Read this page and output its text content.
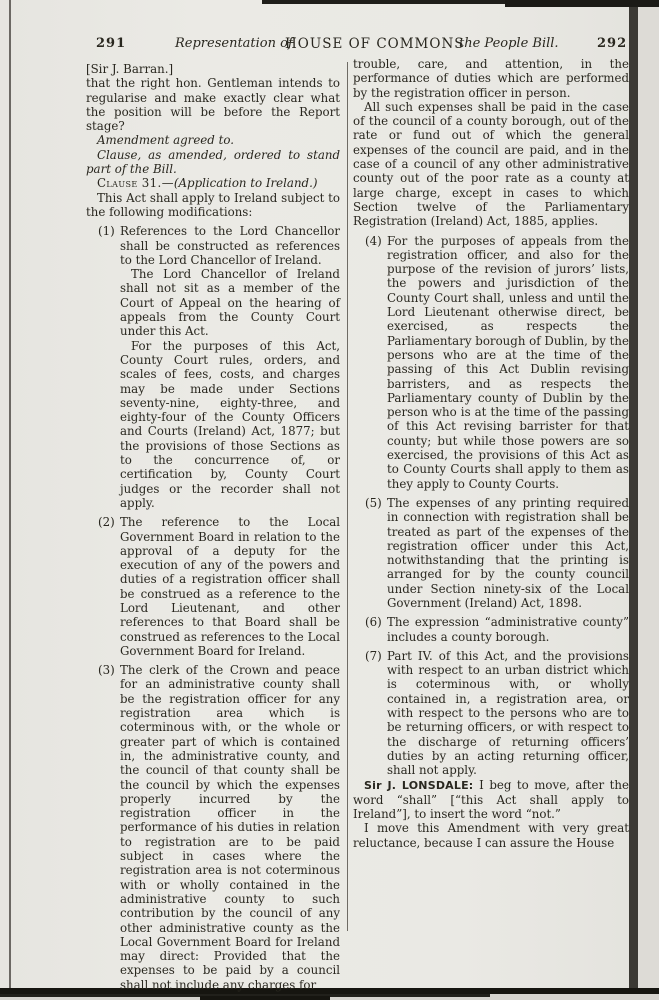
291	Representation of
HOUSE OF COMMONS
the People Bill.	292

[Sir J. Barran.]

that the right hon. Gentleman intends to regularise and make exactly clear what the position will be before the Report stage?

Amendment agreed to.

Clause, as amended, ordered to stand part of the Bill.

Clause 31.—(Application to Ireland.)

This Act shall apply to Ireland subject to the following modifications:

(1) References to the Lord Chancellor shall be constructed as references to the Lord Chancellor of Ireland.

The Lord Chancellor of Ireland shall not sit as a member of the Court of Appeal on the hearing of appeals from the County Court under this Act.

For the purposes of this Act, County Court rules, orders, and scales of fees, costs, and charges may be made under Sections seventy-nine, eighty-three, and eighty-four of the County Officers and Courts (Ireland) Act, 1877; but the provisions of those Sections as to the concurrence of, or certification by, County Court judges or the recorder shall not apply.

(2) The reference to the Local Government Board in relation to the approval of a deputy for the execution of any of the powers and duties of a registration officer shall be construed as a reference to the Lord Lieutenant, and other references to that Board shall be construed as references to the Local Government Board for Ireland.

(3) The clerk of the Crown and peace for an administrative county shall be the registration officer for any registration area which is coterminous with, or the whole or greater part of which is contained in, the administrative county, and the council of that county shall be the council by which the expenses properly incurred by the registration officer in the performance of his duties in relation to registration are to be paid subject in cases where the registration area is not coterminous with or wholly contained in the administrative county to such contribution by the council of any other administrative county as the Local Government Board for Ireland may direct: Provided that the expenses to be paid by a council shall not include any charges for

trouble, care, and attention, in the performance of duties which are performed by the registration officer in person.

All such expenses shall be paid in the case of the council of a county borough, out of the rate or fund out of which the general expenses of the council are paid, and in the case of a council of any other administrative county out of the poor rate as a county at large charge, except in cases to which Section twelve of the Parliamentary Registration (Ireland) Act, 1885, applies.

(4) For the purposes of appeals from the registration officer, and also for the purpose of the revision of jurors’ lists, the powers and jurisdiction of the County Court shall, unless and until the Lord Lieutenant otherwise direct, be exercised, as respects the Parliamentary borough of Dublin, by the persons who are at the time of the passing of this Act Dublin revising barristers, and as respects the Parliamentary county of Dublin by the person who is at the time of the passing of this Act revising barrister for that county; but while those powers are so exercised, the provisions of this Act as to County Courts shall apply to them as they apply to County Courts.

(5) The expenses of any printing required in connection with registration shall be treated as part of the expenses of the registration officer under this Act, notwithstanding that the printing is arranged for by the county council under Section ninety-six of the Local Government (Ireland) Act, 1898.

(6) The expression “administrative county” includes a county borough.

(7) Part IV. of this Act, and the provisions with respect to an urban district which is coterminous with, or wholly contained in, a registration area, or with respect to the persons who are to be returning officers, or with respect to the discharge of returning officers’ duties by an acting returning officer, shall not apply.

Sir J. LONSDALE: I beg to move, after the word “shall” [“this Act shall apply to Ireland”], to insert the word “not.”

I move this Amendment with very great reluctance, because I can assure the House
